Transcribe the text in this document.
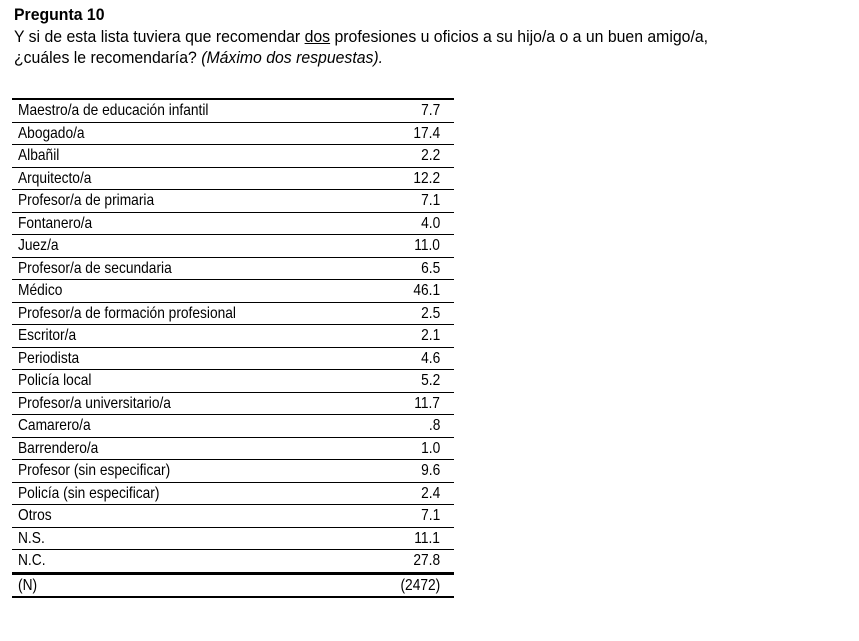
Pregunta 10
Y si de esta lista tuviera que recomendar dos profesiones u oficios a su hijo/a o a un buen amigo/a,
¿cuáles le recomendaría? (Máximo dos respuestas).
Maestro/a de educación infantil	7.7
Abogado/a	17.4
Albañil	2.2
Arquitecto/a	12.2
Profesor/a de primaria	7.1
Fontanero/a	4.0
Juez/a	11.0
Profesor/a de secundaria	6.5
Médico	46.1
Profesor/a de formación profesional	2.5
Escritor/a	2.1
Periodista	4.6
Policía local	5.2
Profesor/a universitario/a	11.7
Camarero/a	.8
Barrendero/a	1.0
Profesor (sin especificar)	9.6
Policía (sin especificar)	2.4
Otros	7.1
N.S.	11.1
N.C.	27.8
(N)	(2472)
